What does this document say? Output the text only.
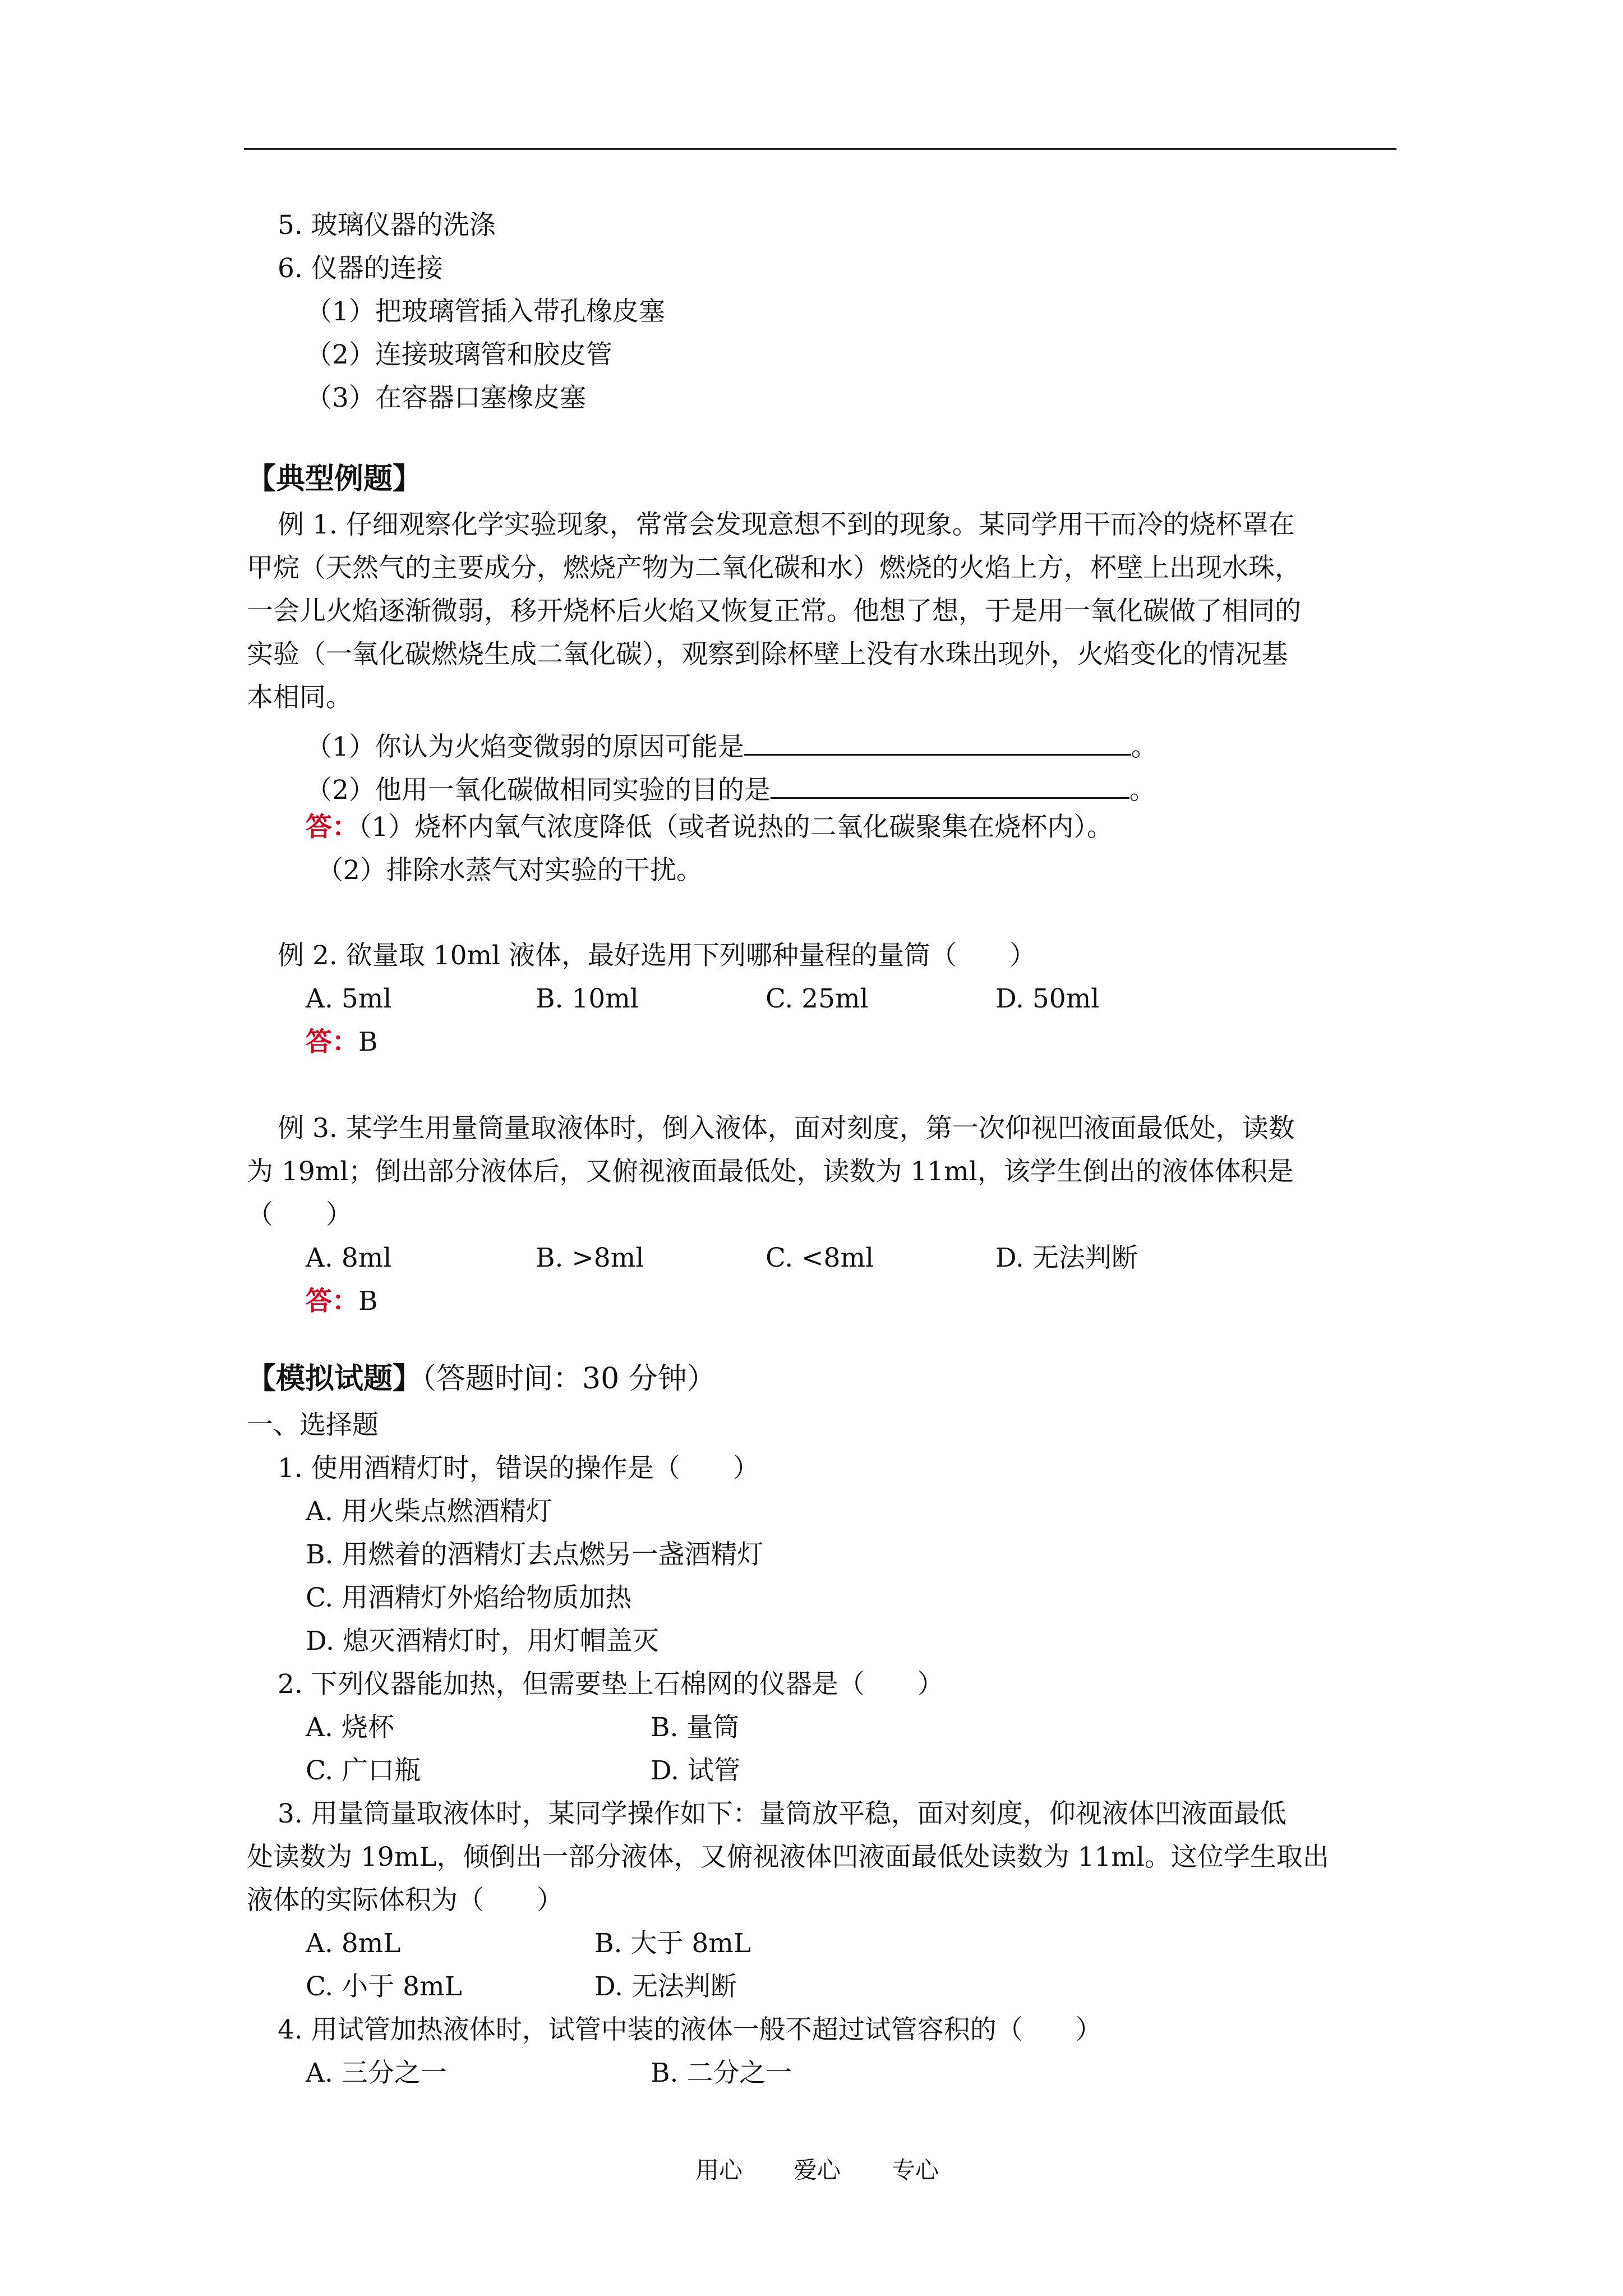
5. 玻璃仪器的洗涤
6. 仪器的连接
（1）把玻璃管插入带孔橡皮塞
（2）连接玻璃管和胶皮管
（3）在容器口塞橡皮塞
【典型例题】
例 1. 仔细观察化学实验现象，常常会发现意想不到的现象。某同学用干而冷的烧杯罩在
甲烷（天然气的主要成分，燃烧产物为二氧化碳和水）燃烧的火焰上方，杯壁上出现水珠，
一会儿火焰逐渐微弱，移开烧杯后火焰又恢复正常。他想了想，于是用一氧化碳做了相同的
实验（一氧化碳燃烧生成二氧化碳），观察到除杯壁上没有水珠出现外，火焰变化的情况基
本相同。
（1）你认为火焰变微弱的原因可能是	。
（2）他用一氧化碳做相同实验的目的是	。
答：（1）烧杯内氧气浓度降低（或者说热的二氧化碳聚集在烧杯内）。
（2）排除水蒸气对实验的干扰。
例 2. 欲量取 10ml 液体，最好选用下列哪种量程的量筒（　　）
A. 5ml	B. 10ml	C. 25ml	D. 50ml
答：B
例 3. 某学生用量筒量取液体时，倒入液体，面对刻度，第一次仰视凹液面最低处，读数
为 19ml；倒出部分液体后，又俯视液面最低处，读数为 11ml，该学生倒出的液体体积是
（　　）
A. 8ml	B. >8ml	C. <8ml	D. 无法判断
答：B
【模拟试题】（答题时间：30 分钟）
一、选择题
1. 使用酒精灯时，错误的操作是（　　）
A. 用火柴点燃酒精灯
B. 用燃着的酒精灯去点燃另一盏酒精灯
C. 用酒精灯外焰给物质加热
D. 熄灭酒精灯时，用灯帽盖灭
2. 下列仪器能加热，但需要垫上石棉网的仪器是（　　）
A. 烧杯	B. 量筒
C. 广口瓶	D. 试管
3. 用量筒量取液体时，某同学操作如下：量筒放平稳，面对刻度，仰视液体凹液面最低
处读数为 19mL，倾倒出一部分液体，又俯视液体凹液面最低处读数为 11ml。这位学生取出
液体的实际体积为（　　）
A. 8mL	B. 大于 8mL
C. 小于 8mL	D. 无法判断
4. 用试管加热液体时，试管中装的液体一般不超过试管容积的（　　）
A. 三分之一	B. 二分之一
用心 爱心 专心
